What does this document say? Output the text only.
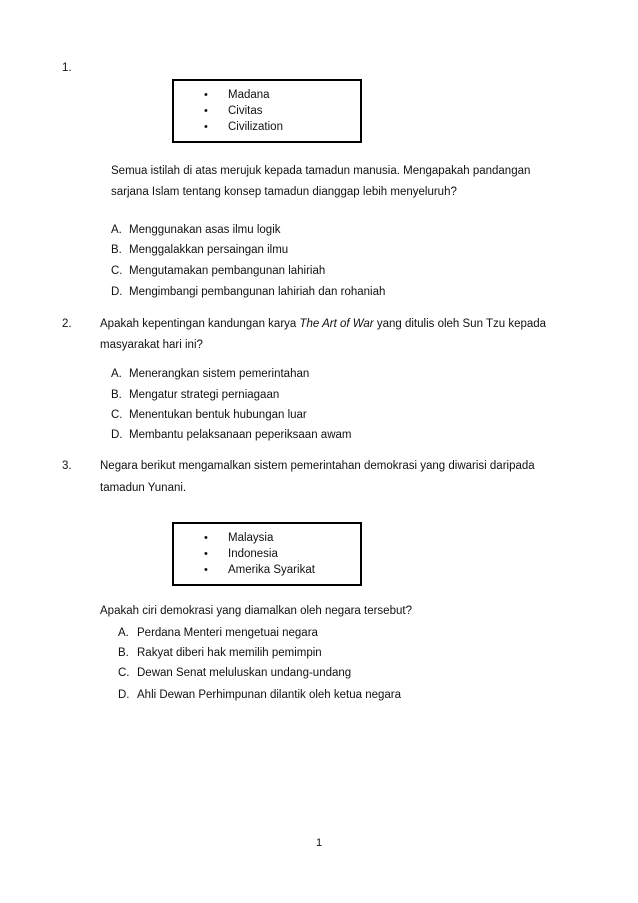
1.
• Madana
• Civitas
• Civilization
Semua istilah di atas merujuk kepada tamadun manusia. Mengapakah pandangan
sarjana Islam tentang konsep tamadun dianggap lebih menyeluruh?
A. Menggunakan asas ilmu logik
B. Menggalakkan persaingan ilmu
C. Mengutamakan pembangunan lahiriah
D. Mengimbangi pembangunan lahiriah dan rohaniah
2. Apakah kepentingan kandungan karya The Art of War yang ditulis oleh Sun Tzu kepada
masyarakat hari ini?
A. Menerangkan sistem pemerintahan
B. Mengatur strategi perniagaan
C. Menentukan bentuk hubungan luar
D. Membantu pelaksanaan peperiksaan awam
3. Negara berikut mengamalkan sistem pemerintahan demokrasi yang diwarisi daripada
tamadun Yunani.
• Malaysia
• Indonesia
• Amerika Syarikat
Apakah ciri demokrasi yang diamalkan oleh negara tersebut?
A. Perdana Menteri mengetuai negara
B. Rakyat diberi hak memilih pemimpin
C. Dewan Senat meluluskan undang-undang
D. Ahli Dewan Perhimpunan dilantik oleh ketua negara
1
